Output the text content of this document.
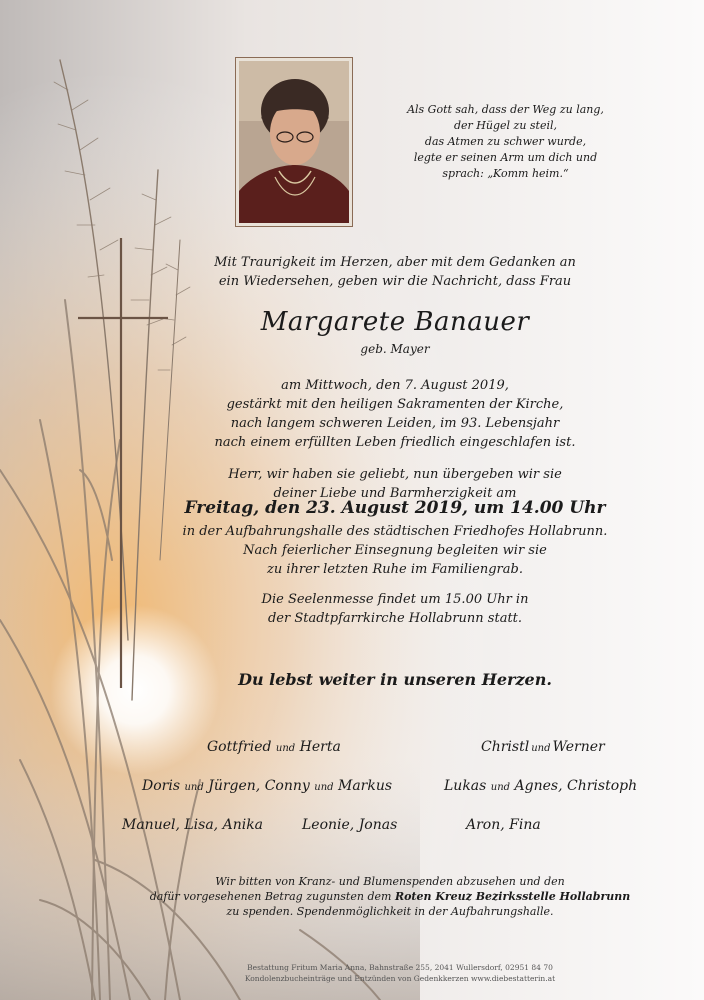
Als Gott sah, dass der Weg zu lang,
der Hügel zu steil,
das Atmen zu schwer wurde,
legte er seinen Arm um dich und
sprach: „Komm heim.“
Mit Traurigkeit im Herzen, aber mit dem Gedanken an
ein Wiedersehen, geben wir die Nachricht, dass Frau
Margarete Banauer
geb. Mayer
am Mittwoch, den 7. August 2019,
gestärkt mit den heiligen Sakramenten der Kirche,
nach langem schweren Leiden, im 93. Lebensjahr
nach einem erfüllten Leben friedlich eingeschlafen ist.
Herr, wir haben sie geliebt, nun übergeben wir sie
deiner Liebe und Barmherzigkeit am
Freitag, den 23. August 2019, um 14.00 Uhr
in der Aufbahrungshalle des städtischen Friedhofes Hollabrunn.
Nach feierlicher Einsegnung begleiten wir sie
zu ihrer letzten Ruhe im Familiengrab.
Die Seelenmesse findet um 15.00 Uhr in
der Stadtpfarrkirche Hollabrunn statt.
Du lebst weiter in unseren Herzen.
Gottfried und Herta	Christl und Werner
Doris und Jürgen, Conny und Markus	Lukas und Agnes, Christoph
Manuel, Lisa, Anika	Leonie, Jonas	Aron, Fina
Wir bitten von Kranz- und Blumenspenden abzusehen und den
dafür vorgesehenen Betrag zugunsten dem Roten Kreuz Bezirksstelle Hollabrunn
zu spenden. Spendenmöglichkeit in der Aufbahrungshalle.
Bestattung Fritum Maria Anna, Bahnstraße 255, 2041 Wullersdorf, 02951 84 70
Kondolenzbucheinträge und Entzünden von Gedenkkerzen www.diebestatterin.at
